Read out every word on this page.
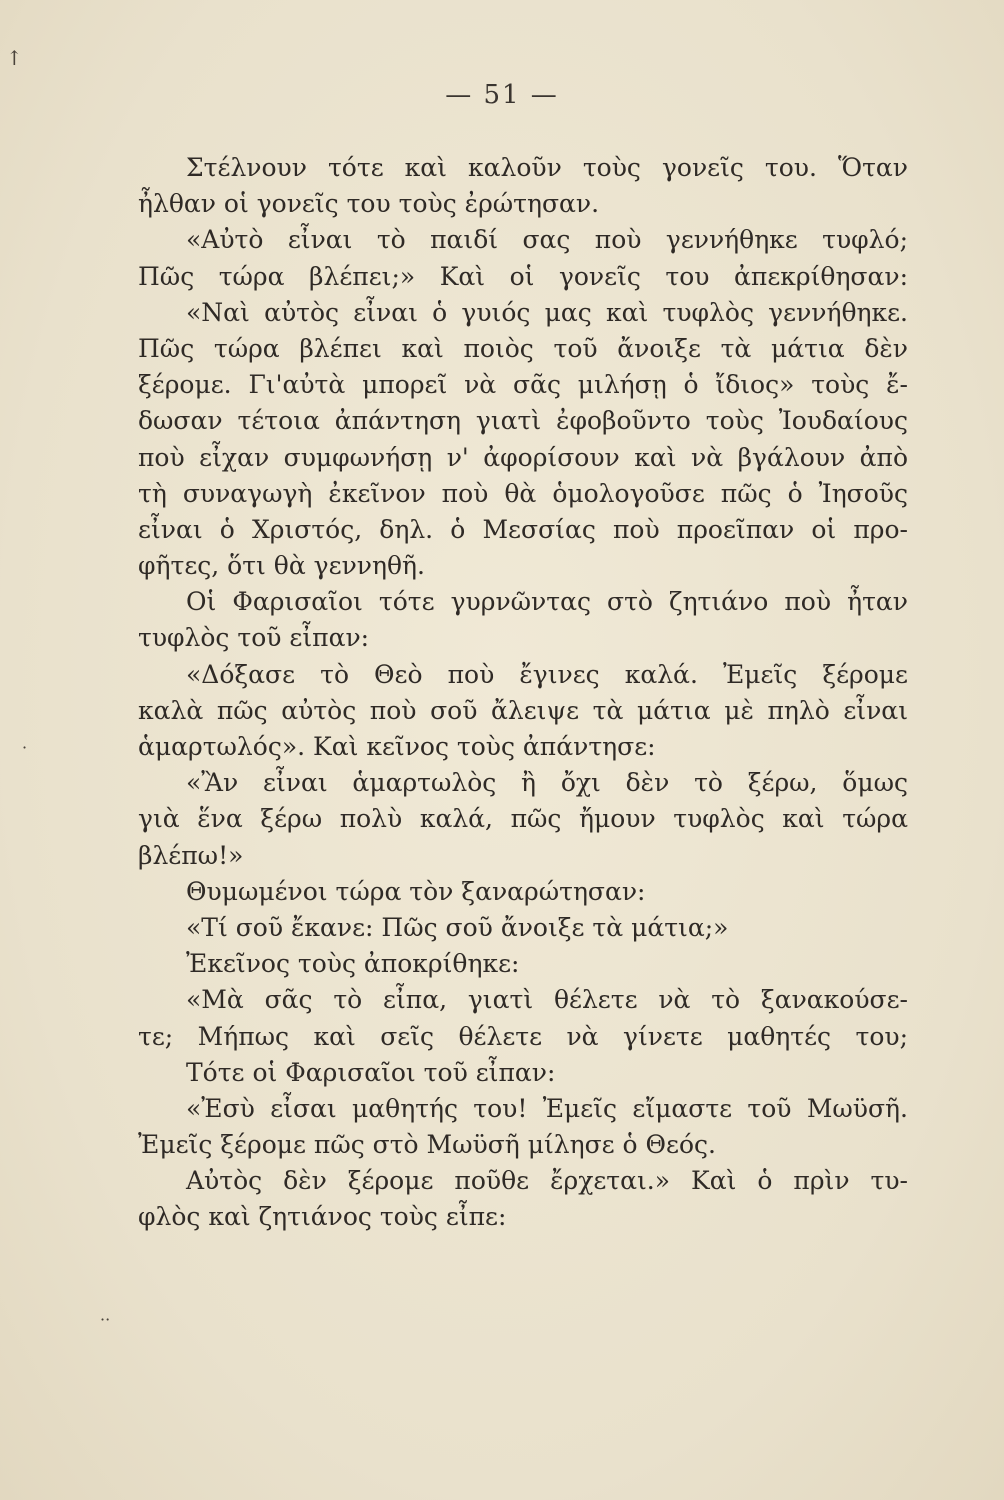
— 51 —
↑
·
··
Στέλνουν τότε καὶ καλοῦν τοὺς γονεῖς του. Ὅταν
ἦλθαν οἱ γονεῖς του τοὺς ἐρώτησαν.
«Αὐτὸ εἶναι τὸ παιδί σας ποὺ γεννήθηκε τυφλό;
Πῶς τώρα βλέπει;» Καὶ οἱ γονεῖς του ἀπεκρίθησαν:
«Ναὶ αὐτὸς εἶναι ὁ γυιός μας καὶ τυφλὸς γεννήθηκε.
Πῶς τώρα βλέπει καὶ ποιὸς τοῦ ἄνοιξε τὰ μάτια δὲν
ξέρομε. Γι'αὐτὰ μπορεῖ νὰ σᾶς μιλήσῃ ὁ ἴδιος» τοὺς ἔ-
δωσαν τέτοια ἀπάντηση γιατὶ ἐφοβοῦντο τοὺς Ἰουδαίους
ποὺ εἶχαν συμφωνήσῃ ν' ἀφορίσουν καὶ νὰ βγάλουν ἀπὸ
τὴ συναγωγὴ ἐκεῖνον ποὺ θὰ ὁμολογοῦσε πῶς ὁ Ἰησοῦς
εἶναι ὁ Χριστός, δηλ. ὁ Μεσσίας ποὺ προεῖπαν οἱ προ-
φῆτες, ὅτι θὰ γεννηθῆ.
Οἱ Φαρισαῖοι τότε γυρνῶντας στὸ ζητιάνο ποὺ ἦταν
τυφλὸς τοῦ εἶπαν:
«Δόξασε τὸ Θεὸ ποὺ ἔγινες καλά. Ἐμεῖς ξέρομε
καλὰ πῶς αὐτὸς ποὺ σοῦ ἄλειψε τὰ μάτια μὲ πηλὸ εἶναι
ἁμαρτωλός». Καὶ κεῖνος τοὺς ἀπάντησε:
«Ἂν εἶναι ἁμαρτωλὸς ἢ ὄχι δὲν τὸ ξέρω, ὅμως
γιὰ ἕνα ξέρω πολὺ καλά, πῶς ἤμουν τυφλὸς καὶ τώρα
βλέπω!»
Θυμωμένοι τώρα τὸν ξαναρώτησαν:
«Τί σοῦ ἔκανε: Πῶς σοῦ ἄνοιξε τὰ μάτια;»
Ἐκεῖνος τοὺς ἀποκρίθηκε:
«Μὰ σᾶς τὸ εἶπα, γιατὶ θέλετε νὰ τὸ ξανακούσε-
τε; Μήπως καὶ σεῖς θέλετε νὰ γίνετε μαθητές του;
Τότε οἱ Φαρισαῖοι τοῦ εἶπαν:
«Ἐσὺ εἶσαι μαθητής του! Ἐμεῖς εἴμαστε τοῦ Μωϋσῆ.
Ἐμεῖς ξέρομε πῶς στὸ Μωϋσῆ μίλησε ὁ Θεός.
Αὐτὸς δὲν ξέρομε ποῦθε ἔρχεται.» Καὶ ὁ πρὶν τυ-
φλὸς καὶ ζητιάνος τοὺς εἶπε:
